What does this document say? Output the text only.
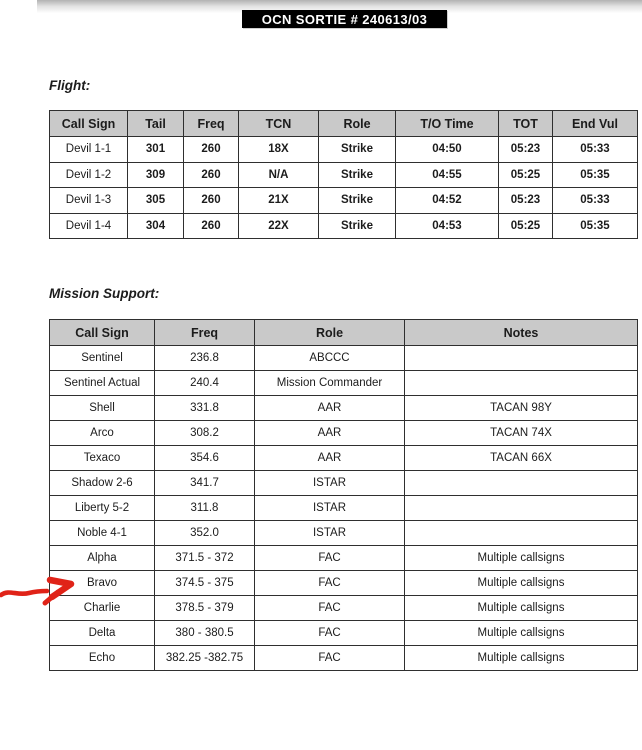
OCN SORTIE # 240613/03
Flight:
Call Sign	Tail	Freq	TCN	Role	T/O Time	TOT	End Vul
Devil 1-1	301	260	18X	Strike	04:50	05:23	05:33
Devil 1-2	309	260	N/A	Strike	04:55	05:25	05:35
Devil 1-3	305	260	21X	Strike	04:52	05:23	05:33
Devil 1-4	304	260	22X	Strike	04:53	05:25	05:35
Mission Support:
Call Sign	Freq	Role	Notes
Sentinel	236.8	ABCCC	
Sentinel Actual	240.4	Mission Commander	
Shell	331.8	AAR	TACAN 98Y
Arco	308.2	AAR	TACAN 74X
Texaco	354.6	AAR	TACAN 66X
Shadow 2-6	341.7	ISTAR	
Liberty 5-2	311.8	ISTAR	
Noble 4-1	352.0	ISTAR	
Alpha	371.5 - 372	FAC	Multiple callsigns
Bravo	374.5 - 375	FAC	Multiple callsigns
Charlie	378.5 - 379	FAC	Multiple callsigns
Delta	380 - 380.5	FAC	Multiple callsigns
Echo	382.25 -382.75	FAC	Multiple callsigns
